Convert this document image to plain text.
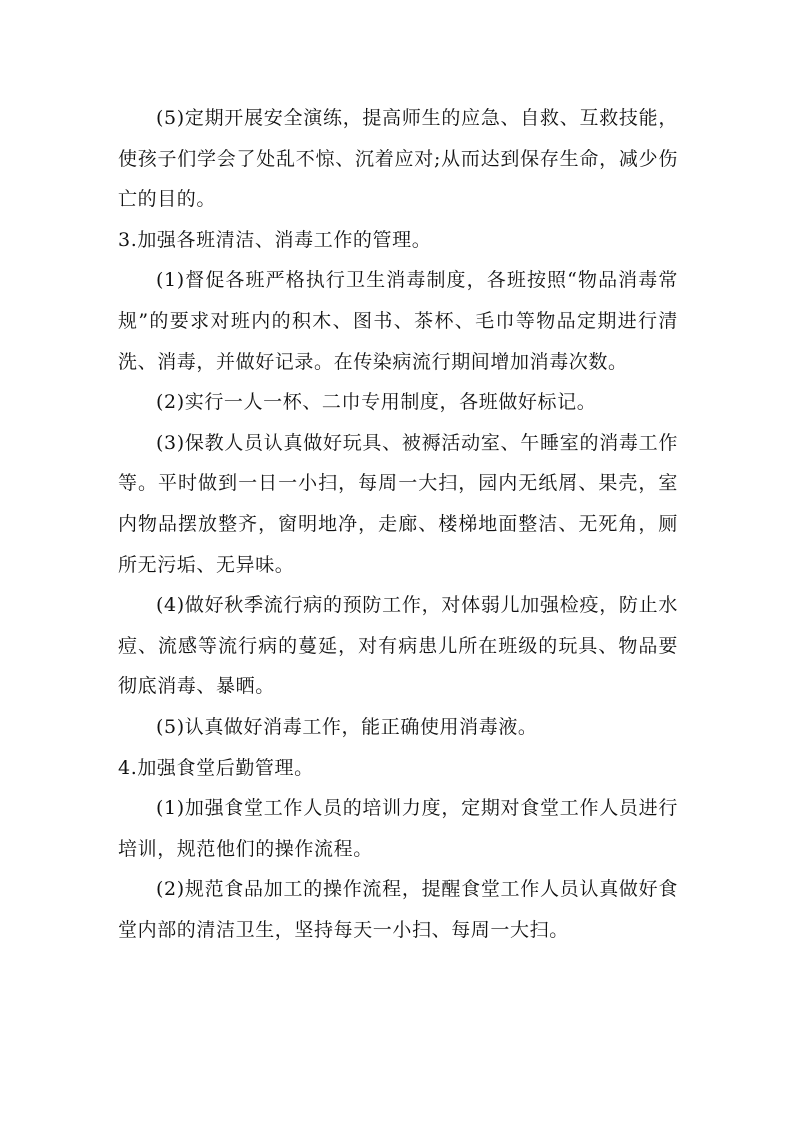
(5)定期开展安全演练，提高师生的应急、自救、互救技能，使孩子们学会了处乱不惊、沉着应对;从而达到保存生命，减少伤亡的目的。

3.加强各班清洁、消毒工作的管理。

(1)督促各班严格执行卫生消毒制度，各班按照“物品消毒常规”的要求对班内的积木、图书、茶杯、毛巾等物品定期进行清洗、消毒，并做好记录。在传染病流行期间增加消毒次数。

(2)实行一人一杯、二巾专用制度，各班做好标记。

(3)保教人员认真做好玩具、被褥活动室、午睡室的消毒工作等。平时做到一日一小扫，每周一大扫，园内无纸屑、果壳，室内物品摆放整齐，窗明地净，走廊、楼梯地面整洁、无死角，厕所无污垢、无异味。

(4)做好秋季流行病的预防工作，对体弱儿加强检疫，防止水痘、流感等流行病的蔓延，对有病患儿所在班级的玩具、物品要彻底消毒、暴晒。

(5)认真做好消毒工作，能正确使用消毒液。

4.加强食堂后勤管理。

(1)加强食堂工作人员的培训力度，定期对食堂工作人员进行培训，规范他们的操作流程。

(2)规范食品加工的操作流程，提醒食堂工作人员认真做好食堂内部的清洁卫生，坚持每天一小扫、每周一大扫。
